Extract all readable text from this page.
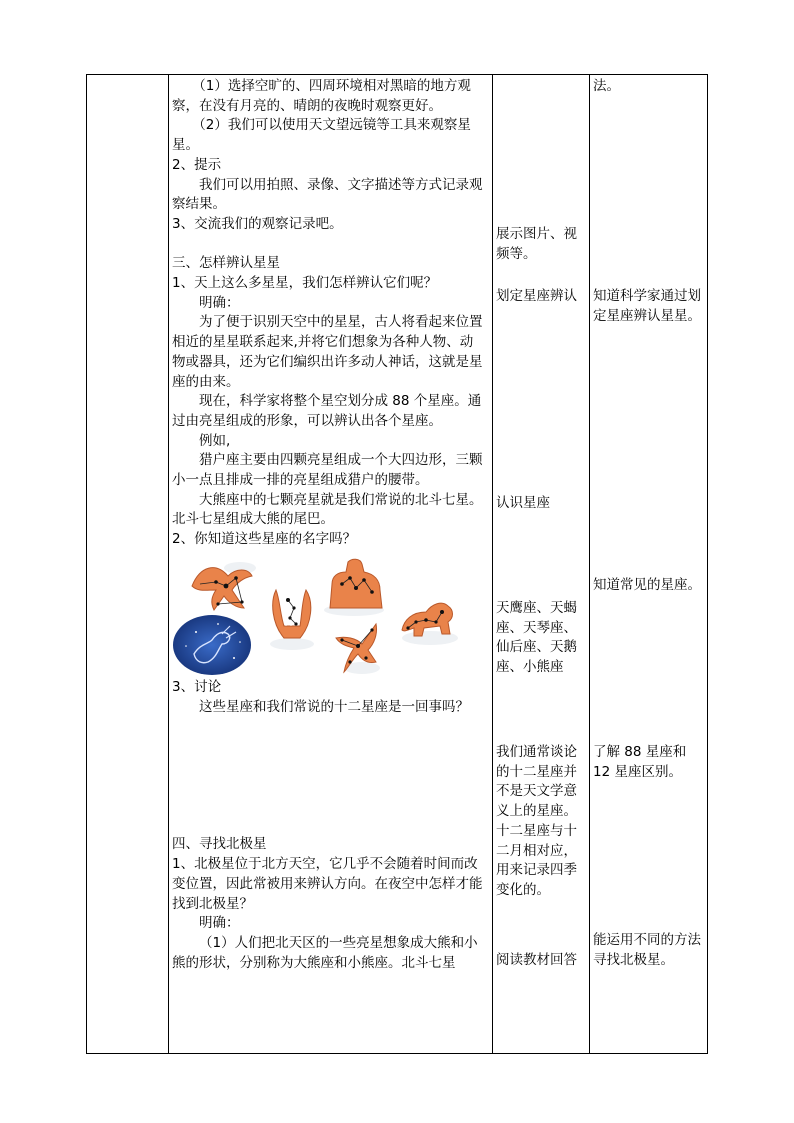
（1）选择空旷的、四周环境相对黑暗的地方观察，在没有月亮的、晴朗的夜晚时观察更好。
（2）我们可以使用天文望远镜等工具来观察星星。
2、提示
我们可以用拍照、录像、文字描述等方式记录观察结果。
3、交流我们的观察记录吧。
三、怎样辨认星星
1、天上这么多星星，我们怎样辨认它们呢？
明确：
为了便于识别天空中的星星，古人将看起来位置相近的星星联系起来,并将它们想象为各种人物、动物或器具，还为它们编织出许多动人神话，这就是星座的由来。
现在，科学家将整个星空划分成 88 个星座。通过由亮星组成的形象，可以辨认出各个星座。
例如,
猎户座主要由四颗亮星组成一个大四边形，三颗小一点且排成一排的亮星组成猎户的腰带。
大熊座中的七颗亮星就是我们常说的北斗七星。北斗七星组成大熊的尾巴。
2、你知道这些星座的名字吗？
3、讨论
这些星座和我们常说的十二星座是一回事吗？
四、寻找北极星
1、北极星位于北方天空，它几乎不会随着时间而改变位置，因此常被用来辨认方向。在夜空中怎样才能找到北极星？
明确：
（1）人们把北天区的一些亮星想象成大熊和小熊的形状，分别称为大熊座和小熊座。北斗七星
展示图片、视频等。
划定星座辨认
认识星座
天鹰座、天蝎座、天琴座、仙后座、天鹅座、小熊座
我们通常谈论的十二星座并不是天文学意义上的星座。十二星座与十二月相对应，用来记录四季变化的。
阅读教材回答
法。
知道科学家通过划定星座辨认星星。
知道常见的星座。
了解 88 星座和 12 星座区别。
能运用不同的方法寻找北极星。
